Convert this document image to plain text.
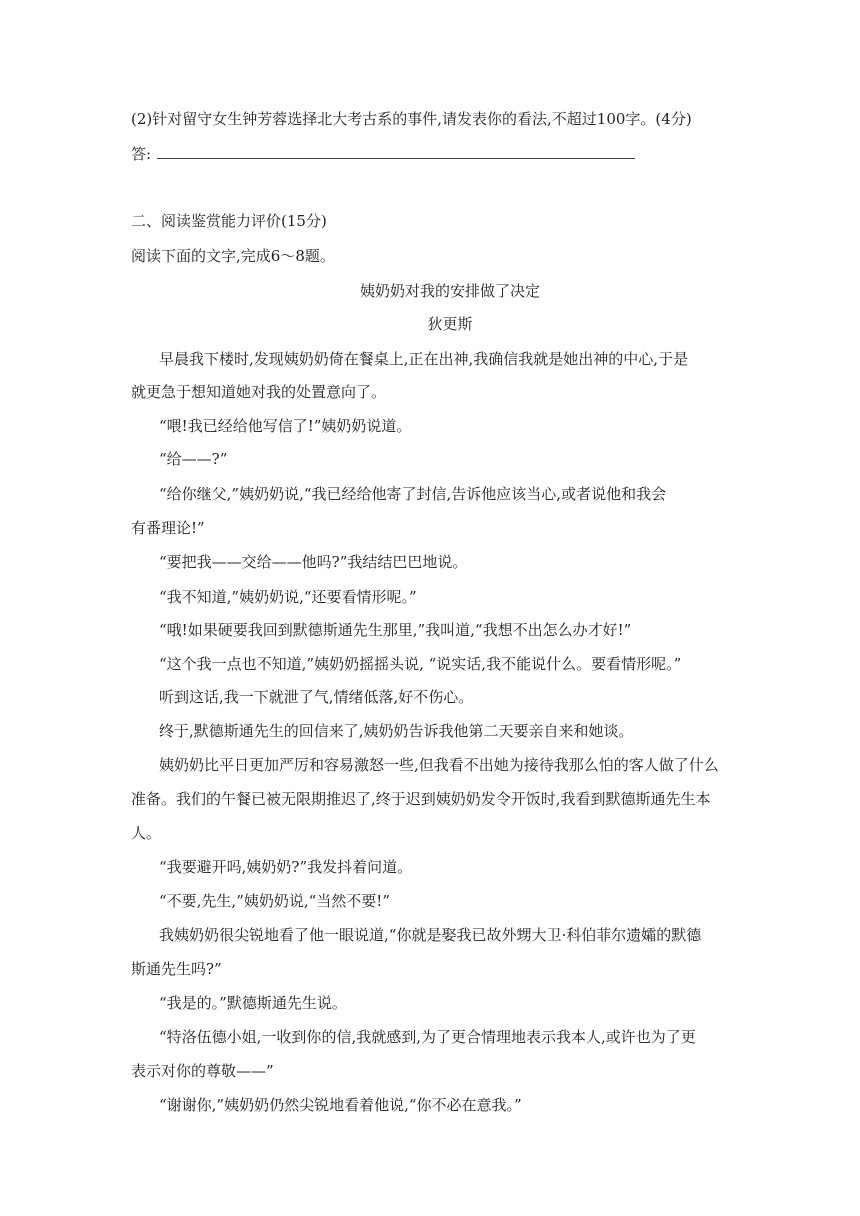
(2)针对留守女生钟芳蓉选择北大考古系的事件,请发表你的看法,不超过100字。(4分)
答:
二、阅读鉴赏能力评价(15分)
阅读下面的文字,完成6～8题。
姨奶奶对我的安排做了决定
狄更斯
早晨我下楼时,发现姨奶奶倚在餐桌上,正在出神,我确信我就是她出神的中心,于是
就更急于想知道她对我的处置意向了。
“喂!我已经给他写信了!”姨奶奶说道。
“给——?”
“给你继父,”姨奶奶说,“我已经给他寄了封信,告诉他应该当心,或者说他和我会
有番理论!”
“要把我——交给——他吗?”我结结巴巴地说。
“我不知道,”姨奶奶说,“还要看情形呢。”
“哦!如果硬要我回到默德斯通先生那里,”我叫道,“我想不出怎么办才好!”
“这个我一点也不知道,”姨奶奶摇摇头说, “说实话,我不能说什么。要看情形呢。”
听到这话,我一下就泄了气,情绪低落,好不伤心。
终于,默德斯通先生的回信来了,姨奶奶告诉我他第二天要亲自来和她谈。
姨奶奶比平日更加严厉和容易激怒一些,但我看不出她为接待我那么怕的客人做了什么
准备。我们的午餐已被无限期推迟了,终于迟到姨奶奶发令开饭时,我看到默德斯通先生本
人。
“我要避开吗,姨奶奶?”我发抖着问道。
“不要,先生,”姨奶奶说,“当然不要!”
我姨奶奶很尖锐地看了他一眼说道,“你就是娶我已故外甥大卫·科伯菲尔遗孀的默德
斯通先生吗?”
“我是的。”默德斯通先生说。
“特洛伍德小姐,一收到你的信,我就感到,为了更合情理地表示我本人,或许也为了更
表示对你的尊敬——”
“谢谢你,”姨奶奶仍然尖锐地看着他说,“你不必在意我。”
